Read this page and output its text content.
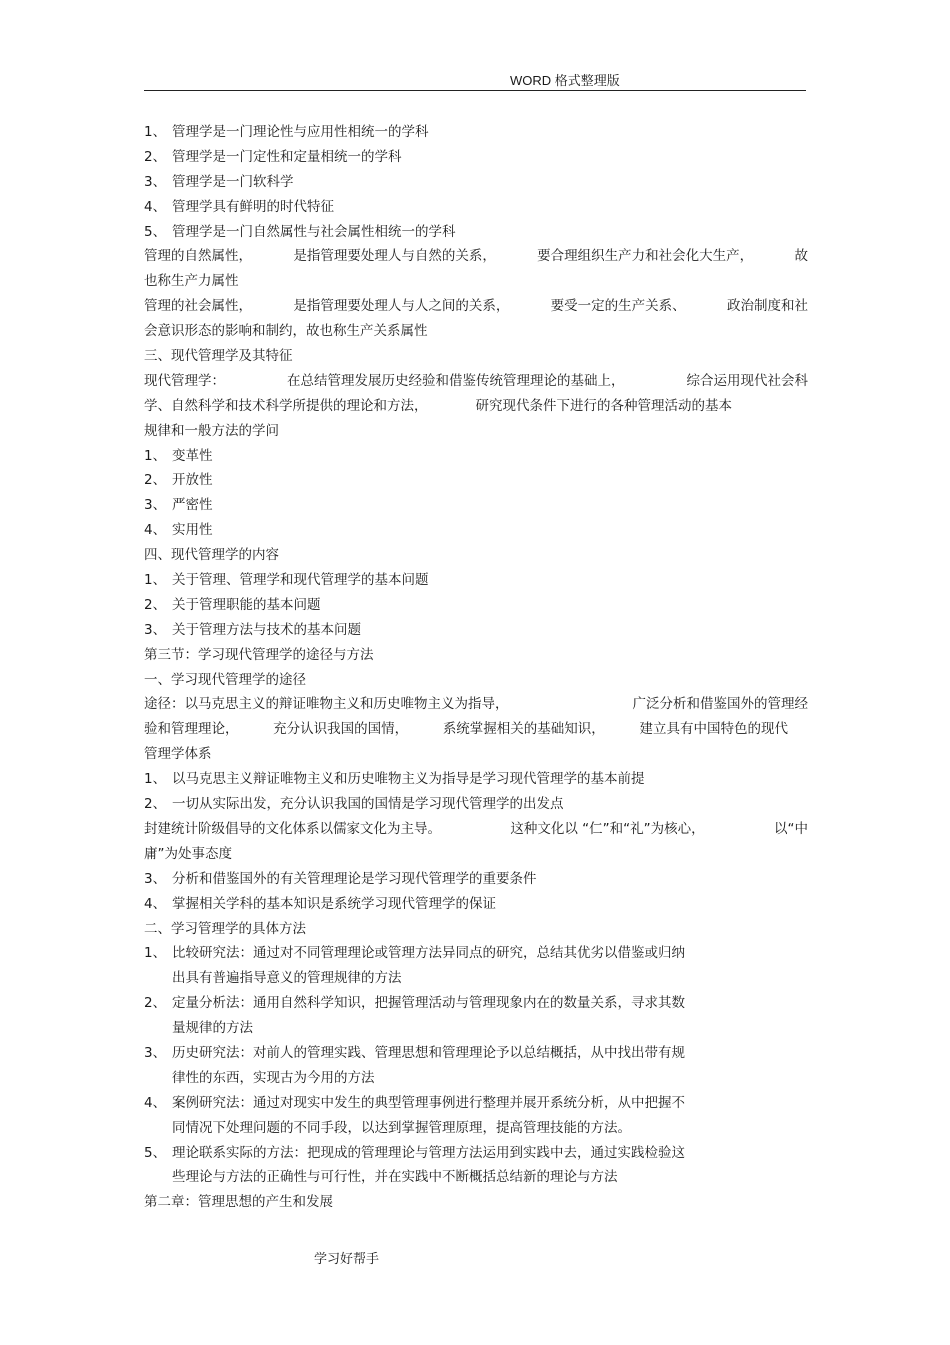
WORD 格式整理版
1、 管理学是一门理论性与应用性相统一的学科
2、 管理学是一门定性和定量相统一的学科
3、 管理学是一门软科学
4、 管理学具有鲜明的时代特征
5、 管理学是一门自然属性与社会属性相统一的学科
管理的自然属性，	是指管理要处理人与自然的关系，	要合理组织生产力和社会化大生产，	故
也称生产力属性
管理的社会属性，	是指管理要处理人与人之间的关系，	要受一定的生产关系、	政治制度和社
会意识形态的影响和制约，故也称生产关系属性
三、现代管理学及其特征
现代管理学：	在总结管理发展历史经验和借鉴传统管理理论的基础上，	综合运用现代社会科
学、自然科学和技术科学所提供的理论和方法，	研究现代条件下进行的各种管理活动的基本
规律和一般方法的学问
1、 变革性
2、 开放性
3、 严密性
4、 实用性
四、现代管理学的内容
1、 关于管理、管理学和现代管理学的基本问题
2、 关于管理职能的基本问题
3、 关于管理方法与技术的基本问题
第三节：学习现代管理学的途径与方法
一、学习现代管理学的途径
途径：以马克思主义的辩证唯物主义和历史唯物主义为指导，	广泛分析和借鉴国外的管理经
验和管理理论，	充分认识我国的国情，	系统掌握相关的基础知识，	建立具有中国特色的现代
管理学体系
1、 以马克思主义辩证唯物主义和历史唯物主义为指导是学习现代管理学的基本前提
2、 一切从实际出发，充分认识我国的国情是学习现代管理学的出发点
封建统计阶级倡导的文化体系以儒家文化为主导。	这种文化以 “仁”和“礼”为核心，	以“中
庸”为处事态度
3、 分析和借鉴国外的有关管理理论是学习现代管理学的重要条件
4、 掌握相关学科的基本知识是系统学习现代管理学的保证
二、学习管理学的具体方法
1、 比较研究法：通过对不同管理理论或管理方法异同点的研究，总结其优劣以借鉴或归纳
出具有普遍指导意义的管理规律的方法
2、 定量分析法：通用自然科学知识，把握管理活动与管理现象内在的数量关系，寻求其数
量规律的方法
3、 历史研究法：对前人的管理实践、管理思想和管理理论予以总结概括，从中找出带有规
律性的东西，实现古为今用的方法
4、 案例研究法：通过对现实中发生的典型管理事例进行整理并展开系统分析，从中把握不
同情况下处理问题的不同手段，以达到掌握管理原理，提高管理技能的方法。
5、 理论联系实际的方法：把现成的管理理论与管理方法运用到实践中去，通过实践检验这
些理论与方法的正确性与可行性，并在实践中不断概括总结新的理论与方法
第二章：管理思想的产生和发展
学习好帮手
